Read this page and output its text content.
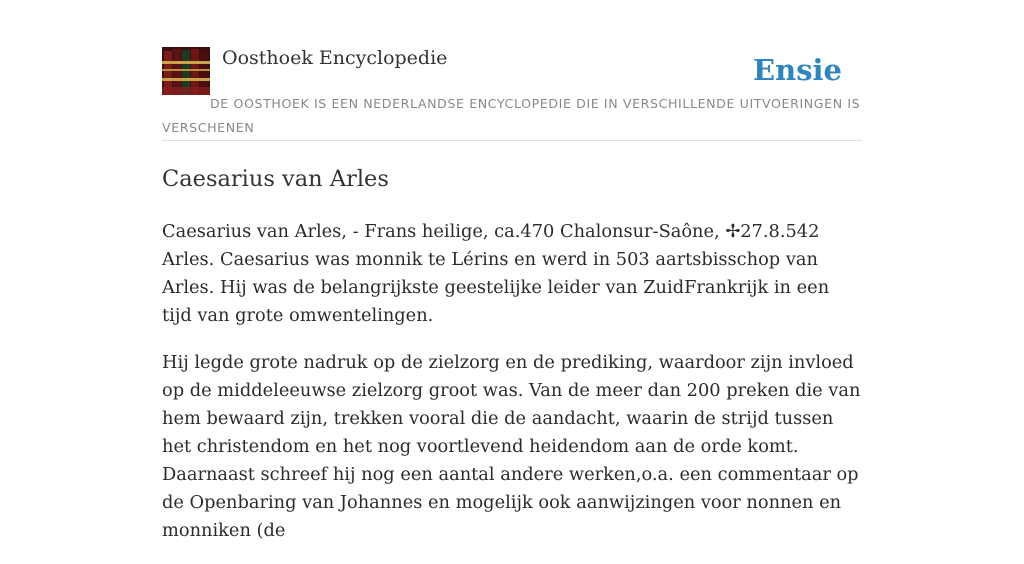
Oosthoek Encyclopedie	Ensie
DE OOSTHOEK IS EEN NEDERLANDSE ENCYCLOPEDIE DIE IN VERSCHILLENDE UITVOERINGEN IS VERSCHENEN
Caesarius van Arles

Caesarius van Arles, - Frans heilige, ca.470 Chalonsur-Saône, ✢27.8.542 Arles. Caesarius was monnik te Lérins en werd in 503 aartsbisschop van Arles. Hij was de belangrijkste geestelijke leider van ZuidFrankrijk in een tijd van grote omwentelingen.

Hij legde grote nadruk op de zielzorg en de prediking, waardoor zijn invloed op de middeleeuwse zielzorg groot was. Van de meer dan 200 preken die van hem bewaard zijn, trekken vooral die de aandacht, waarin de strijd tussen het christendom en het nog voortlevend heidendom aan de orde komt. Daarnaast schreef hij nog een aantal andere werken,o.a. een commentaar op de Openbaring van Johannes en mogelijk ook aanwijzingen voor nonnen en monniken (de
